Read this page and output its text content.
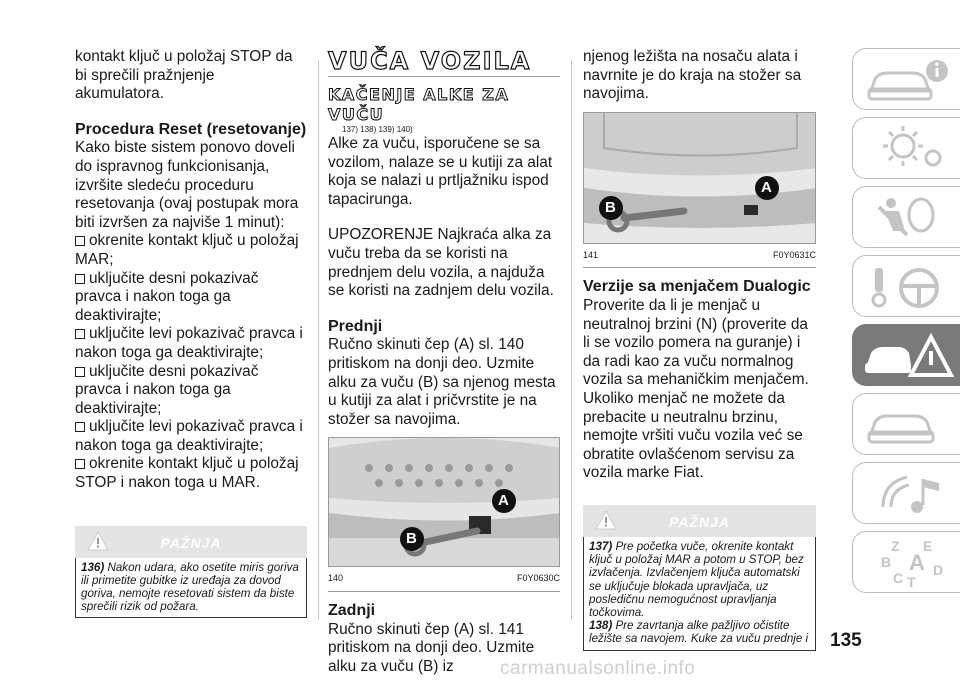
kontakt ključ u položaj STOP da bi sprečili pražnjenje akumulatora.

Procedura Reset (resetovanje)

Kako biste sistem ponovo doveli do ispravnog funkcionisanja, izvršite sledeću proceduru resetovanja (ovaj postupak mora biti izvršen za najviše 1 minut):

okrenite kontakt ključ u položaj MAR;

uključite desni pokazivač pravca i nakon toga ga deaktivirajte;

uključite levi pokazivač pravca i nakon toga ga deaktivirajte;

uključite desni pokazivač pravca i nakon toga ga deaktivirajte;

uključite levi pokazivač pravca i nakon toga ga deaktivirajte;

okrenite kontakt ključ u položaj STOP i nakon toga u MAR.

PAŽNJA
136) Nakon udara, ako osetite miris goriva ili primetite gubitke iz uređaja za dovod goriva, nemojte resetovati sistem da biste sprečili rizik od požara.

VUČA VOZILA

KAČENJE ALKE ZA VUČU

137) 138) 139) 140)

Alke za vuču, isporučene se sa vozilom, nalaze se u kutiji za alat koja se nalazi u prtljažniku ispod tapacirunga.

UPOZORENJE Najkraća alka za vuču treba da se koristi na prednjem delu vozila, a najduža se koristi na zadnjem delu vozila.

Prednji

Ručno skinuti čep (A) sl. 140 pritiskom na donji deo. Uzmite alku za vuču (B) sa njenog mesta u kutiji za alat i pričvrstite je na stožer sa navojima.

A
B
140	F0Y0630C

Zadnji

Ručno skinuti čep (A) sl. 141 pritiskom na donji deo. Uzmite alku za vuču (B) iz

njenog ležišta na nosaču alata i navrnite je do kraja na stožer sa navojima.

A
B
141	F0Y0631C

Verzije sa menjačem Dualogic

Proverite da li je menjač u neutralnoj brzini (N) (proverite da li se vozilo pomera na guranje) i da radi kao za vuču normalnog vozila sa mehaničkim menjačem. Ukoliko menjač ne možete da prebacite u neutralnu brzinu, nemojte vršiti vuču vozila već se obratite ovlašćenom servisu za vozila marke Fiat.

PAŽNJA

137) Pre početka vuče, okrenite kontakt ključ u položaj MAR a potom u STOP, bez izvlačenja. Izvlačenjem ključa automatski se uključuje blokada upravljača, uz posledičnu nemogućnost upravljanja točkovima.

138) Pre zavrtanja alke pažljivo očistite ležište sa navojem. Kuke za vuču prednje i

Z E
B A
C T
D
135
carmanualsonline.info
